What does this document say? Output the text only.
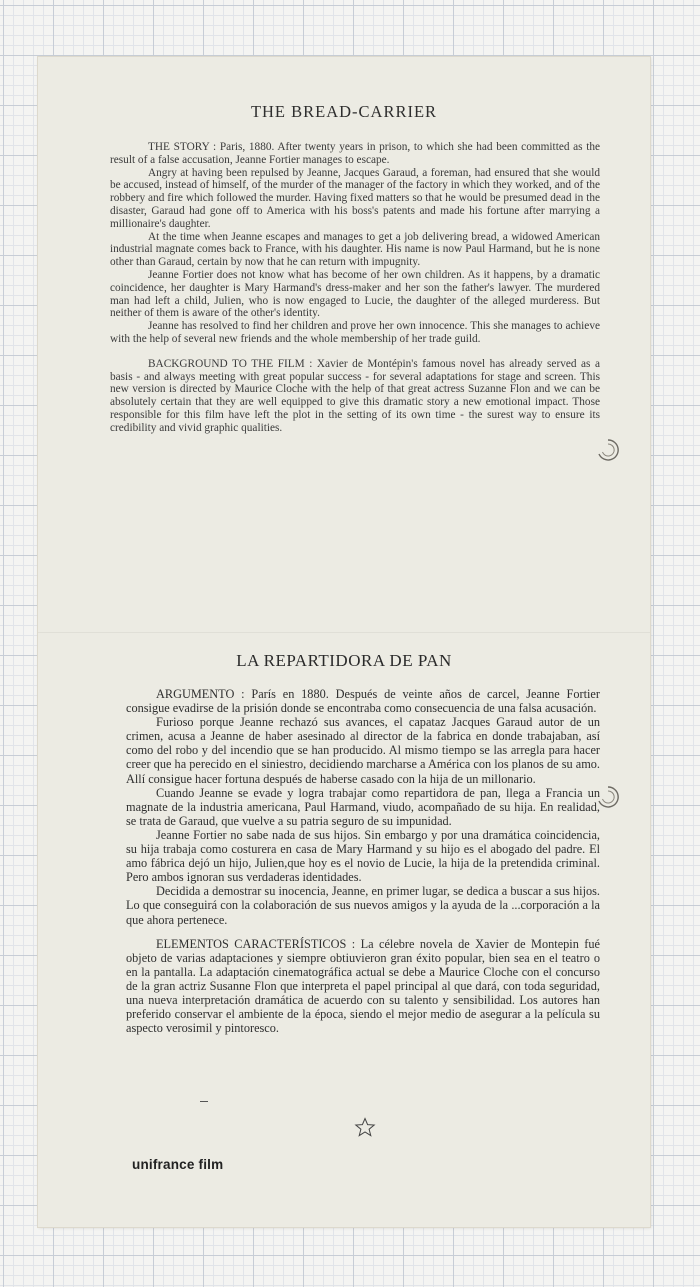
THE BREAD-CARRIER

THE STORY : Paris, 1880. After twenty years in prison, to which she had been committed as the result of a false accusation, Jeanne Fortier manages to escape.

Angry at having been repulsed by Jeanne, Jacques Garaud, a foreman, had ensured that she would be accused, instead of himself, of the murder of the manager of the factory in which they worked, and of the robbery and fire which followed the murder. Having fixed matters so that he would be presumed dead in the disaster, Garaud had gone off to America with his boss's patents and made his fortune after marrying a millionaire's daughter.

At the time when Jeanne escapes and manages to get a job delivering bread, a widowed American industrial magnate comes back to France, with his daughter. His name is now Paul Harmand, but he is none other than Garaud, certain by now that he can return with impugnity.

Jeanne Fortier does not know what has become of her own children. As it happens, by a dramatic coincidence, her daughter is Mary Harmand's dress-maker and her son the father's lawyer. The murdered man had left a child, Julien, who is now engaged to Lucie, the daughter of the alleged murderess. But neither of them is aware of the other's identity.

Jeanne has resolved to find her children and prove her own innocence. This she manages to achieve with the help of several new friends and the whole membership of her trade guild.

BACKGROUND TO THE FILM : Xavier de Montépin's famous novel has already served as a basis - and always meeting with great popular success - for several adaptations for stage and screen. This new version is directed by Maurice Cloche with the help of that great actress Suzanne Flon and we can be absolutely certain that they are well equipped to give this dramatic story a new emotional impact. Those responsible for this film have left the plot in the setting of its own time - the surest way to ensure its credibility and vivid graphic qualities.

LA REPARTIDORA DE PAN

ARGUMENTO : París en 1880. Después de veinte años de carcel, Jeanne Fortier consigue evadirse de la prisión donde se encontraba como consecuencia de una falsa acusación.

Furioso porque Jeanne rechazó sus avances, el capataz Jacques Garaud autor de un crimen, acusa a Jeanne de haber asesinado al director de la fabrica en donde trabajaban, así como del robo y del incendio que se han producido. Al mismo tiempo se las arregla para hacer creer que ha perecido en el siniestro, decidiendo marcharse a América con los planos de su amo. Allí consigue hacer fortuna después de haberse casado con la hija de un millonario.

Cuando Jeanne se evade y logra trabajar como repartidora de pan, llega a Francia un magnate de la industria americana, Paul Harmand, viudo, acompañado de su hija. En realidad, se trata de Garaud, que vuelve a su patria seguro de su impunidad.

Jeanne Fortier no sabe nada de sus hijos. Sin embargo y por una dramática coincidencia, su hija trabaja como costurera en casa de Mary Harmand y su hijo es el abogado del padre. El amo fábrica dejó un hijo, Julien,que hoy es el novio de Lucie, la hija de la pretendida criminal. Pero ambos ignoran sus verdaderas identidades.

Decidida a demostrar su inocencia, Jeanne, en primer lugar, se dedica a buscar a sus hijos. Lo que conseguirá con la colaboración de sus nuevos amigos y la ayuda de la ...corporación a la que ahora pertenece.

ELEMENTOS CARACTERÍSTICOS : La célebre novela de Xavier de Montepin fué objeto de varias adaptaciones y siempre obtiuvieron gran éxito popular, bien sea en el teatro o en la pantalla. La adaptación cinematográfica actual se debe a Maurice Cloche con el concurso de la gran actriz Susanne Flon que interpreta el papel principal al que dará, con toda seguridad, una nueva interpretación dramática de acuerdo con su talento y sensibilidad. Los autores han preferido conservar el ambiente de la época, siendo el mejor medio de asegurar a la película su aspecto verosimil y pintoresco.

unifrance film
